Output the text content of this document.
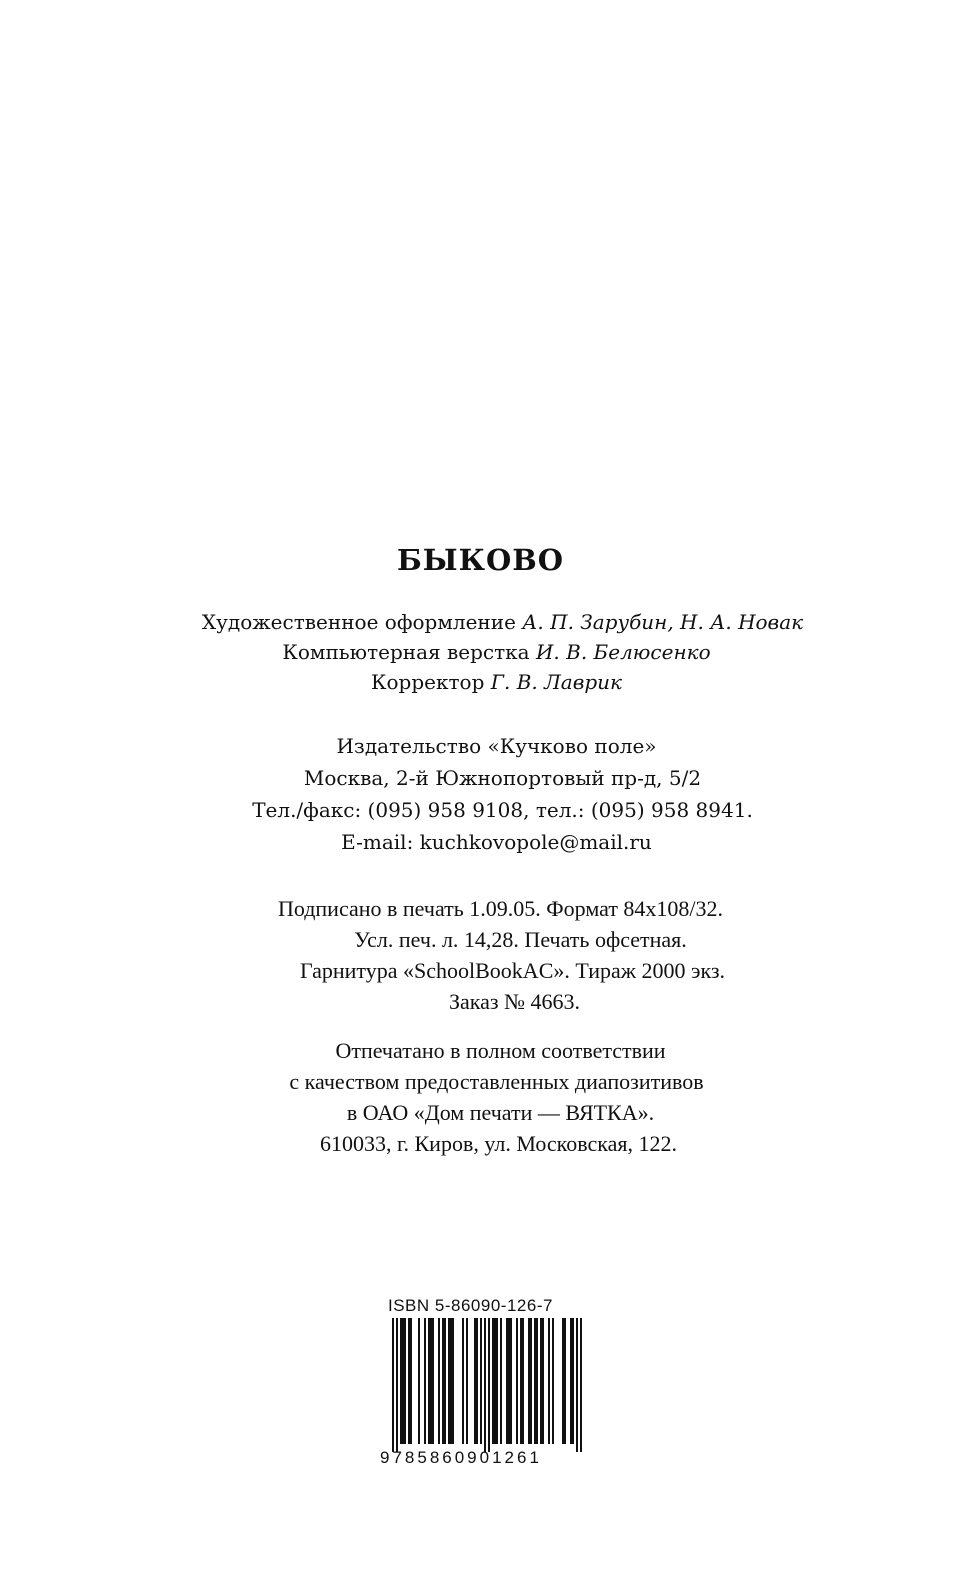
БЫКОВО
Художественное оформление А. П. Зарубин, Н. А. Новак
Компьютерная верстка И. В. Белюсенко
Корректор Г. В. Лаврик
Издательство «Кучково поле»
Москва, 2-й Южнопортовый пр-д, 5/2
Тел./факс: (095) 958 9108, тел.: (095) 958 8941.
E-mail: kuchkovopole@mail.ru
Подписано в печать 1.09.05. Формат 84x108/32.
Усл. печ. л. 14,28. Печать офсетная.
Гарнитура «SchoolBookAC». Тираж 2000 экз.
Заказ № 4663.
Отпечатано в полном соответствии
с качеством предоставленных диапозитивов
в ОАО «Дом печати — ВЯТКА».
610033, г. Киров, ул. Московская, 122.
ISBN 5-86090-126-7
9785860901261
